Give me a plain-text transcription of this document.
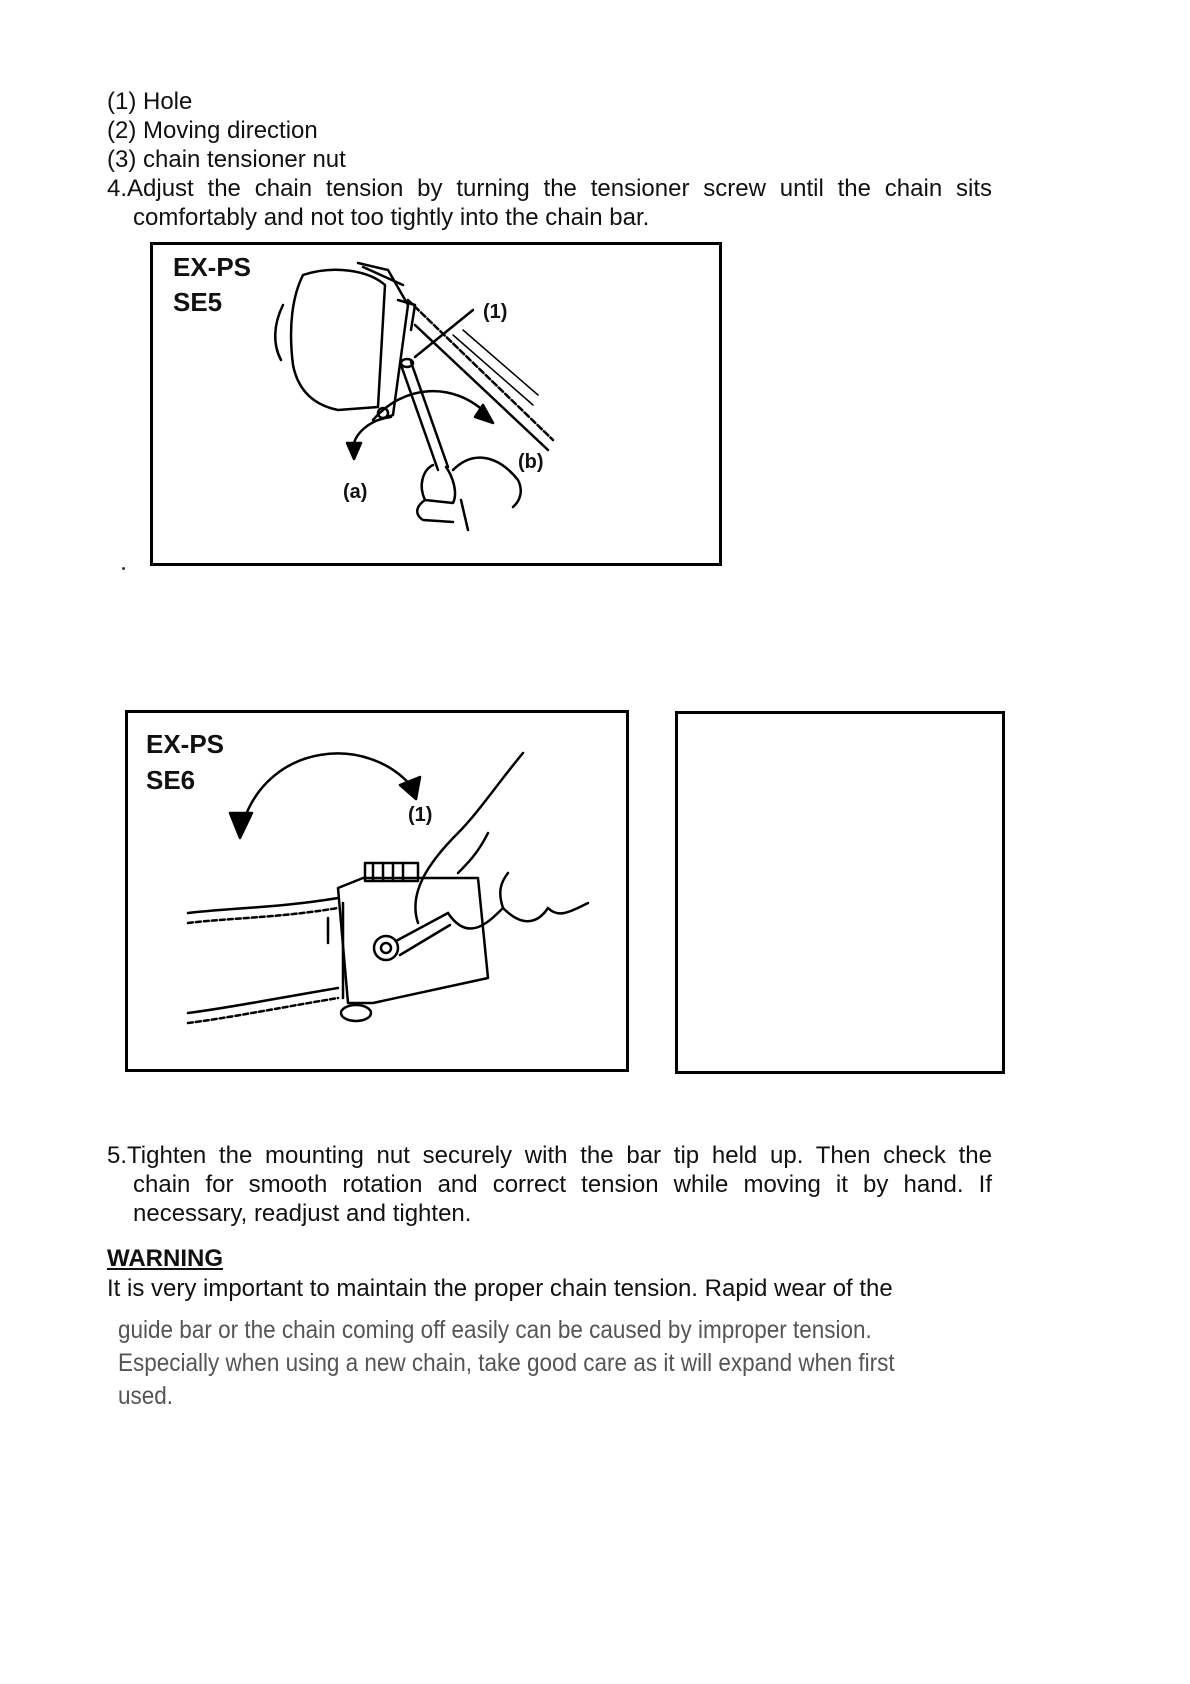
(1) Hole
(2) Moving direction
(3) chain tensioner nut
4.Adjust the chain tension by turning the tensioner screw until the chain sits
comfortably and not too tightly into the chain bar.
EX-PS
SE5	(1)
(a)
(b)
EX-PS
SE6
(1)
5.Tighten the mounting nut securely with the bar tip held up. Then check the
chain for smooth rotation and correct tension while moving it by hand. If
necessary, readjust and tighten.
WARNING
It is very important to maintain the proper chain tension. Rapid wear of the
guide bar or the chain coming off easily can be caused by improper tension.
Especially when using a new chain, take good care as it will expand when first
used.
